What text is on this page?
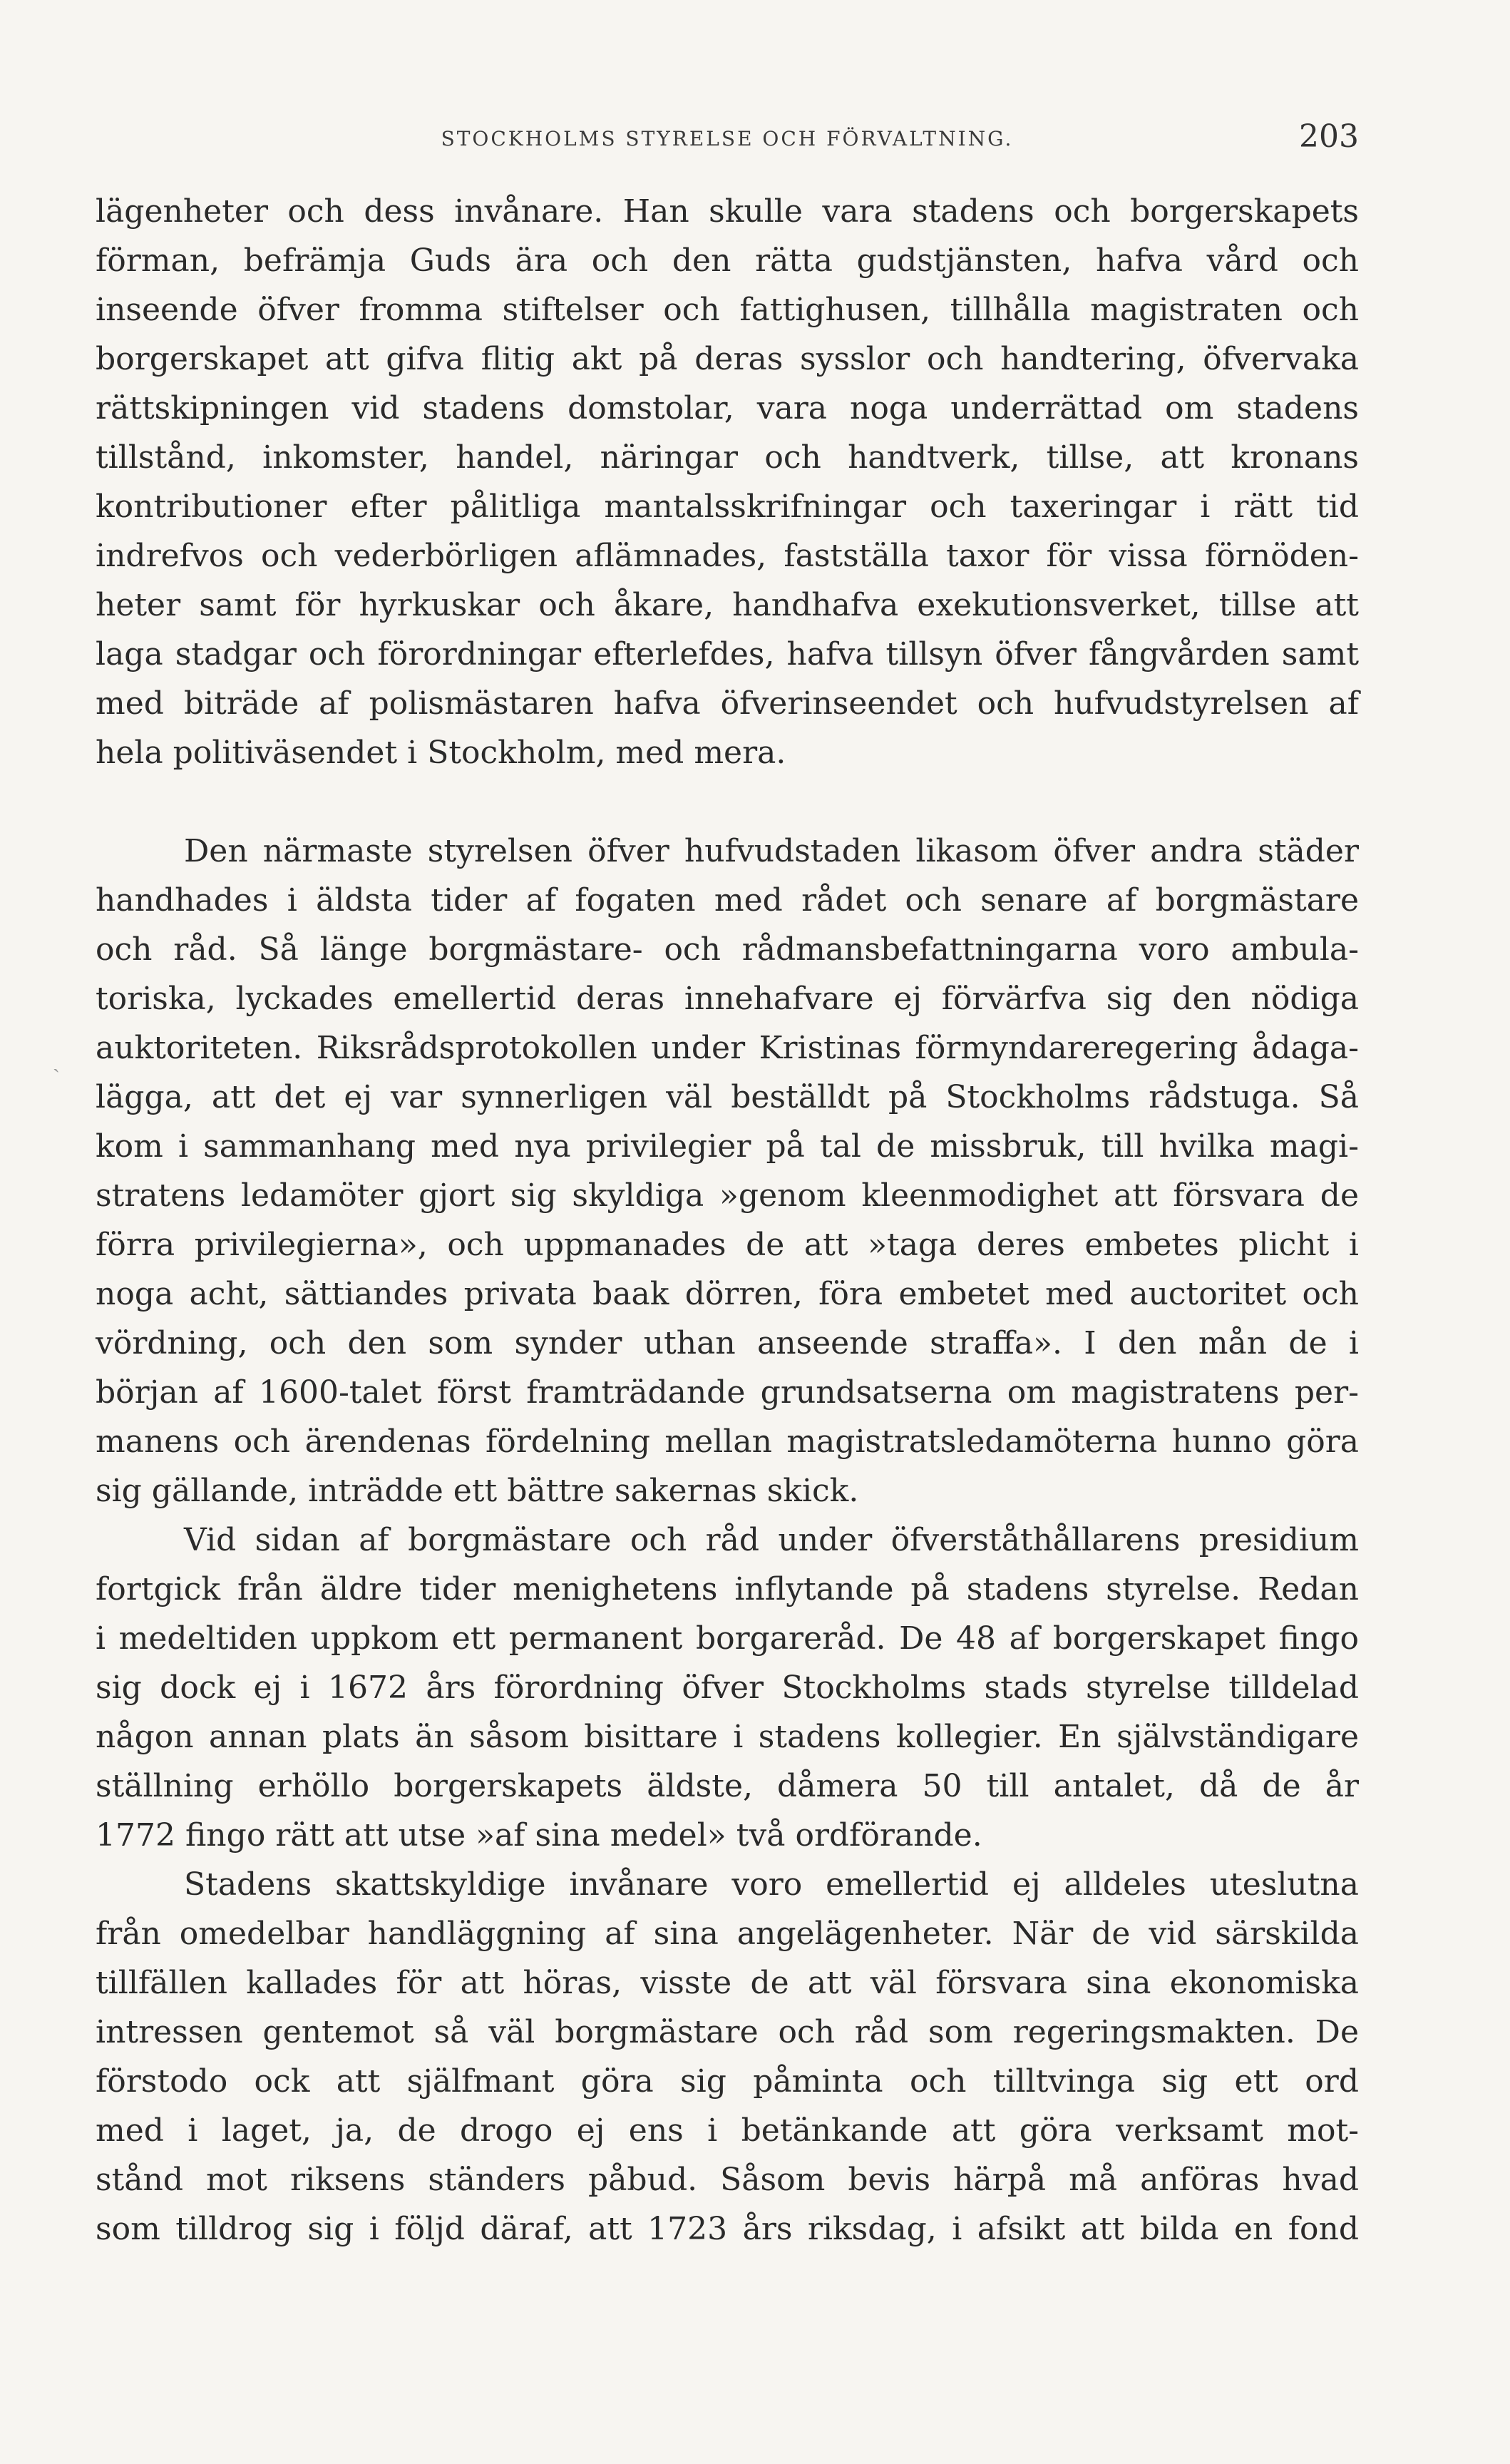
STOCKHOLMS STYRELSE OCH FÖRVALTNING.	203
ˏ
lägenheter och dess invånare. Han skulle vara stadens och borgerskapets
förman, befrämja Guds ära och den rätta gudstjänsten, hafva vård och
inseende öfver fromma stiftelser och fattighusen, tillhålla magistraten och
borgerskapet att gifva flitig akt på deras sysslor och handtering, öfvervaka
rättskipningen vid stadens domstolar, vara noga underrättad om stadens
tillstånd, inkomster, handel, näringar och handtverk, tillse, att kronans
kontributioner efter pålitliga mantalsskrifningar och taxeringar i rätt tid
indrefvos och vederbörligen aflämnades, fastställa taxor för vissa förnöden-
heter samt för hyrkuskar och åkare, handhafva exekutionsverket, tillse att
laga stadgar och förordningar efterlefdes, hafva tillsyn öfver fångvården samt
med biträde af polismästaren hafva öfverinseendet och hufvudstyrelsen af
hela politiväsendet i Stockholm, med mera.
Den närmaste styrelsen öfver hufvudstaden likasom öfver andra städer
handhades i äldsta tider af fogaten med rådet och senare af borgmästare
och råd. Så länge borgmästare- och rådmansbefattningarna voro ambula-
toriska, lyckades emellertid deras innehafvare ej förvärfva sig den nödiga
auktoriteten. Riksrådsprotokollen under Kristinas förmyndareregering ådaga-
lägga, att det ej var synnerligen väl beställdt på Stockholms rådstuga. Så
kom i sammanhang med nya privilegier på tal de missbruk, till hvilka magi-
stratens ledamöter gjort sig skyldiga »genom kleenmodighet att försvara de
förra privilegierna», och uppmanades de att »taga deres embetes plicht i
noga acht, sättiandes privata baak dörren, föra embetet med auctoritet och
vördning, och den som synder uthan anseende straffa». I den mån de i
början af 1600-talet först framträdande grundsatserna om magistratens per-
manens och ärendenas fördelning mellan magistratsledamöterna hunno göra
sig gällande, inträdde ett bättre sakernas skick.
Vid sidan af borgmästare och råd under öfverståthållarens presidium
fortgick från äldre tider menighetens inflytande på stadens styrelse. Redan
i medeltiden uppkom ett permanent borgareråd. De 48 af borgerskapet fingo
sig dock ej i 1672 års förordning öfver Stockholms stads styrelse tilldelad
någon annan plats än såsom bisittare i stadens kollegier. En självständigare
ställning erhöllo borgerskapets äldste, dåmera 50 till antalet, då de år
1772 fingo rätt att utse »af sina medel» två ordförande.
Stadens skattskyldige invånare voro emellertid ej alldeles uteslutna
från omedelbar handläggning af sina angelägenheter. När de vid särskilda
tillfällen kallades för att höras, visste de att väl försvara sina ekonomiska
intressen gentemot så väl borgmästare och råd som regeringsmakten. De
förstodo ock att själfmant göra sig påminta och tilltvinga sig ett ord
med i laget, ja, de drogo ej ens i betänkande att göra verksamt mot-
stånd mot riksens ständers påbud. Såsom bevis härpå må anföras hvad
som tilldrog sig i följd däraf, att 1723 års riksdag, i afsikt att bilda en fond
